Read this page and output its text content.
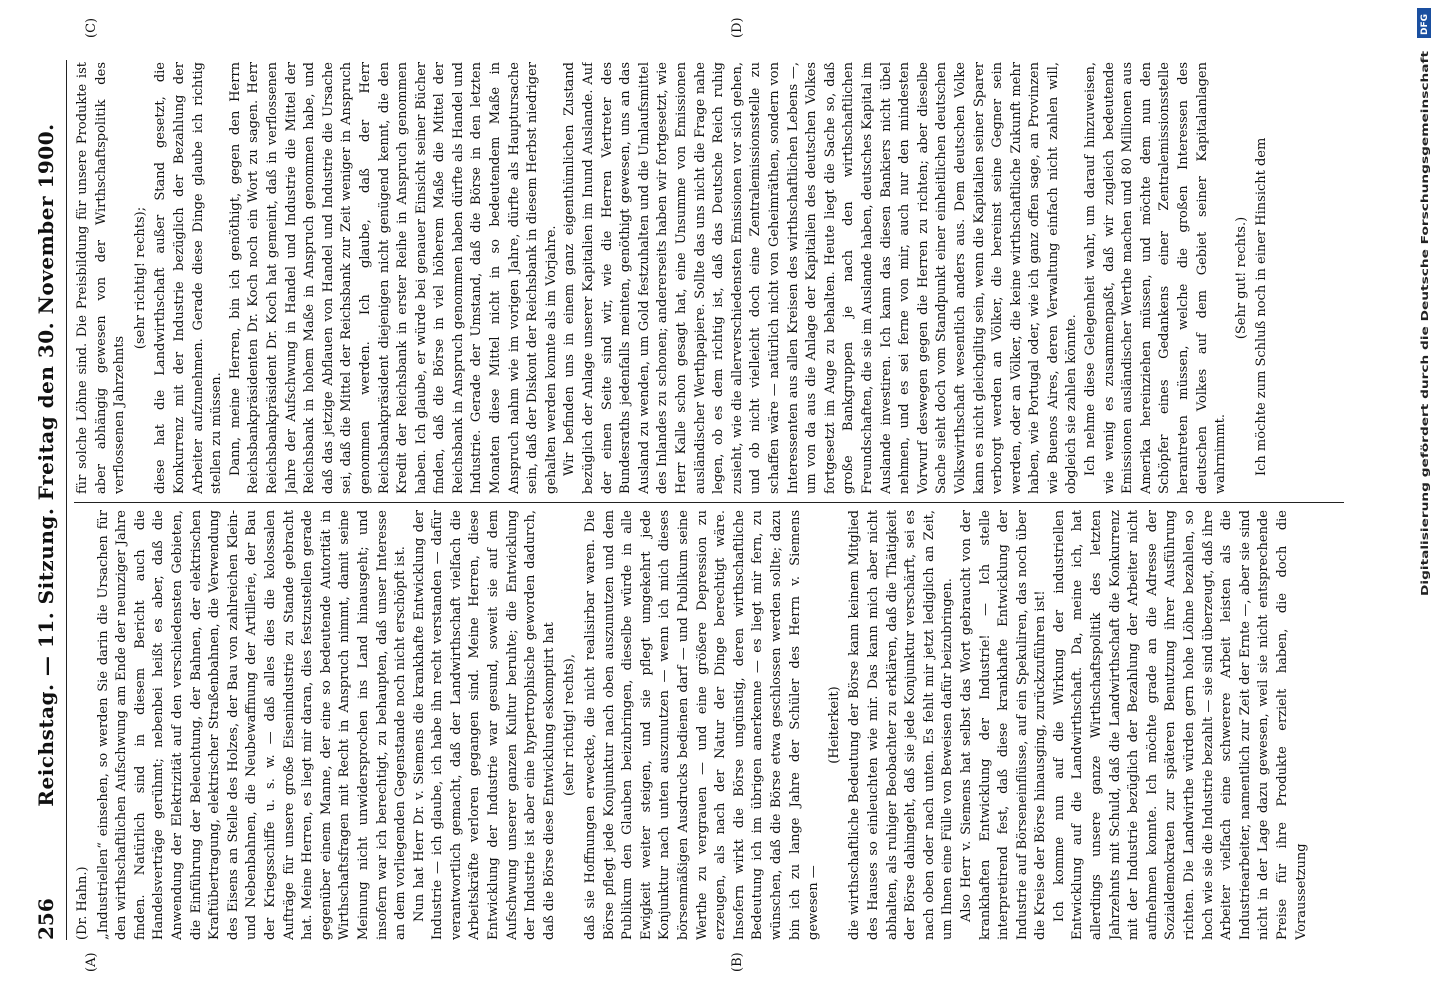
256
Reichstag. — 11. Sitzung. Freitag den 30. November 1900.
(A)	(B)
(C)	(D)

(Dr. Hahn.) „Industriellen“ einsehen, so werden Sie darin die Ursachen für den wirthschaftlichen Aufschwung am Ende der neunziger Jahre finden. Natürlich sind in diesem Bericht auch die Handelsverträge gerühmt; nebenbei heißt es aber, daß die Anwendung der Elektrizität auf den verschiedensten Gebieten, die Einführung der Beleuchtung, der Bahnen, der elektrischen Kraftübertragung, elektrischer Straßenbahnen, die Verwendung des Eisens an Stelle des Holzes, der Bau von zahlreichen Klein- und Nebenbahnen, die Neubewaffnung der Artillerie, der Bau der Kriegsschiffe u. s. w. — daß alles dies die kolossalen Aufträge für unsere große Eisenindustrie zu Stande gebracht hat. Meine Herren, es liegt mir daran, dies festzustellen gerade gegenüber einem Manne, der eine so bedeutende Autorität in Wirthschaftsfragen mit Recht in Anspruch nimmt, damit seine Meinung nicht unwidersprochen ins Land hinausgeht; und insofern war ich berechtigt, zu behaupten, daß unser Interesse an dem vorliegenden Gegenstande noch nicht erschöpft ist. Nun hat Herr Dr. v. Siemens die krankhafte Entwicklung der Industrie — ich glaube, ich habe ihn recht verstanden — dafür verantwortlich gemacht, daß der Landwirthschaft vielfach die Arbeitskräfte verloren gegangen sind. Meine Herren, diese Entwicklung der Industrie war gesund, soweit sie auf dem Aufschwung unserer ganzen Kultur beruhte; die Entwicklung der Industrie ist aber eine hypertrophische geworden dadurch, daß die Börse diese Entwicklung eskomptirt hat (sehr richtig! rechts), daß sie Hoffnungen erweckte, die nicht realisirbar waren. Die Börse pflegt jede Konjunktur nach oben auszunutzen und dem Publikum den Glauben beizubringen, dieselbe würde in alle Ewigkeit weiter steigen, und sie pflegt umgekehrt jede Konjunktur nach unten auszunutzen — wenn ich mich dieses börsenmäßigen Ausdrucks bedienen darf — und Publikum seine Werthe zu vergrauen — und eine größere Depression zu erzeugen, als nach der Natur der Dinge berechtigt wäre. Insofern wirkt die Börse ungünstig, deren wirthschaftliche Bedeutung ich im übrigen anerkenne — es liegt mir fern, zu wünschen, daß die Börse etwa geschlossen werden sollte; dazu bin ich zu lange Jahre der Schüler des Herrn v. Siemens gewesen —

(Heiterkeit) die wirthschaftliche Bedeutung der Börse kann keinem Mitglied des Hauses so einleuchten wie mir. Das kann mich aber nicht abhalten, als ruhiger Beobachter zu erklären, daß die Thätigkeit der Börse dahingeht, daß sie jede Konjunktur verschärft, sei es nach oben oder nach unten. Es fehlt mir jetzt lediglich an Zeit, um Ihnen eine Fülle von Beweisen dafür beizubringen. Also Herr v. Siemens hat selbst das Wort gebraucht von der krankhaften Entwicklung der Industrie! — Ich stelle interpretirend fest, daß diese krankhafte Entwicklung der Industrie auf Börseneinflüsse, auf ein Spekuliren, das noch über die Kreise der Börse hinausging, zurückzuführen ist! Ich komme nun auf die Wirkung der industriellen Entwicklung auf die Landwirthschaft. Da, meine ich, hat allerdings unsere ganze Wirthschaftspolitik des letzten Jahrzehnts mit Schuld, daß die Landwirthschaft die Konkurrenz mit der Industrie bezüglich der Bezahlung der Arbeiter nicht aufnehmen konnte. Ich möchte grade an die Adresse der Sozialdemokraten zur späteren Benutzung ihrer Ausführung richten. Die Landwirthe würden gern hohe Löhne bezahlen, so hoch wie sie die Industrie bezahlt — sie sind überzeugt, daß ihre Arbeiter vielfach eine schwerere Arbeit leisten als die Industriearbeiter, namentlich zur Zeit der Ernte —, aber sie sind nicht in der Lage dazu gewesen, weil sie nicht entsprechende Preise für ihre Produkte erzielt haben, die doch die Voraussetzung

für solche Löhne sind. Die Preisbildung für unsere Produkte ist aber abhängig gewesen von der Wirthschaftspolitik des verflossenen Jahrzehnts

(sehr richtig! rechts); diese hat die Landwirthschaft außer Stand gesetzt, die Konkurrenz mit der Industrie bezüglich der Bezahlung der Arbeiter aufzunehmen. Gerade diese Dinge glaube ich richtig stellen zu müssen. Dann, meine Herren, bin ich genöthigt, gegen den Herrn Reichsbankpräsidenten Dr. Koch noch ein Wort zu sagen. Herr Reichsbankpräsident Dr. Koch hat gemeint, daß in verflossenen Jahre der Aufschwung in Handel und Industrie die Mittel der Reichsbank in hohem Maße in Anspruch genommen habe, und daß das jetzige Abflauen von Handel und Industrie die Ursache sei, daß die Mittel der Reichsbank zur Zeit weniger in Anspruch genommen werden. Ich glaube, daß der Herr Reichsbankpräsident diejenigen nicht genügend kennt, die den Kredit der Reichsbank in erster Reihe in Anspruch genommen haben. Ich glaube, er würde bei genauer Einsicht seiner Bücher finden, daß die Börse in viel höherem Maße die Mittel der Reichsbank in Anspruch genommen haben dürfte als Handel und Industrie. Gerade der Umstand, daß die Börse in den letzten Monaten diese Mittel nicht in so bedeutendem Maße in Anspruch nahm wie im vorigen Jahre, dürfte als Hauptursache sein, daß der Diskont der Reichsbank in diesem Herbst niedriger gehalten werden konnte als im Vorjahre. Wir befinden uns in einem ganz eigenthümlichen Zustand bezüglich der Anlage unserer Kapitalien im Inund Auslande. Auf der einen Seite sind wir, wie die Herren Vertreter des Bundesraths jedenfalls meinten, genöthigt gewesen, uns an das Ausland zu wenden, um Gold festzuhalten und die Umlaufsmittel des Inlandes zu schonen; andererseits haben wir fortgesetzt, wie Herr Kalle schon gesagt hat, eine Unsumme von Emissionen ausländischer Werthpapiere. Sollte das uns nicht die Frage nahe legen, ob es dem richtig ist, daß das Deutsche Reich ruhig zusieht, wie die allerverschiedensten Emissionen vor sich gehen, und ob nicht vielleicht doch eine Zentralemissionsstelle zu schaffen wäre — natürlich nicht von Geheimräthen, sondern von Interessenten aus allen Kreisen des wirthschaftlichen Lebens —, um von da aus die Anlage der Kapitalien des deutschen Volkes fortgesetzt im Auge zu behalten. Heute liegt die Sache so, daß große Bankgruppen je nach den wirthschaftlichen Freundschaften, die sie im Auslande haben, deutsches Kapital im Auslande investiren. Ich kann das diesen Bankiers nicht übel nehmen, und es sei ferne von mir, auch nur den mindesten Vorwurf deswegen gegen die Herren zu richten; aber dieselbe Sache sieht doch vom Standpunkt einer einheitlichen deutschen Volkswirthschaft wesentlich anders aus. Dem deutschen Volke kann es nicht gleichgiltig sein, wenn die Kapitalien seiner Sparer verborgt werden an Völker, die bereinst seine Gegner sein werden, oder an Völker, die keine wirthschaftliche Zukunft mehr haben, wie Portugal oder, wie ich ganz offen sage, an Provinzen wie Buenos Aires, deren Verwaltung einfach nicht zahlen will, obgleich sie zahlen könnte. Ich nehme diese Gelegenheit wahr, um darauf hinzuweisen, wie wenig es zusammenpaßt, daß wir zugleich bedeutende Emissionen ausländischer Werthe machen und 80 Millionen aus Amerika hereinziehen müssen, und möchte dem nun den Schöpfer eines Gedankens einer Zentralemissionsstelle herantreten müssen, welche die großen Interessen des deutschen Volkes auf dem Gebiet seiner Kapitalanlagen wahrnimmt.

(Sehr gut! rechts.) Ich möchte zum Schluß noch in einer Hinsicht dem

DFG
Digitalisierung gefördert durch die Deutsche Forschungsgemeinschaft
